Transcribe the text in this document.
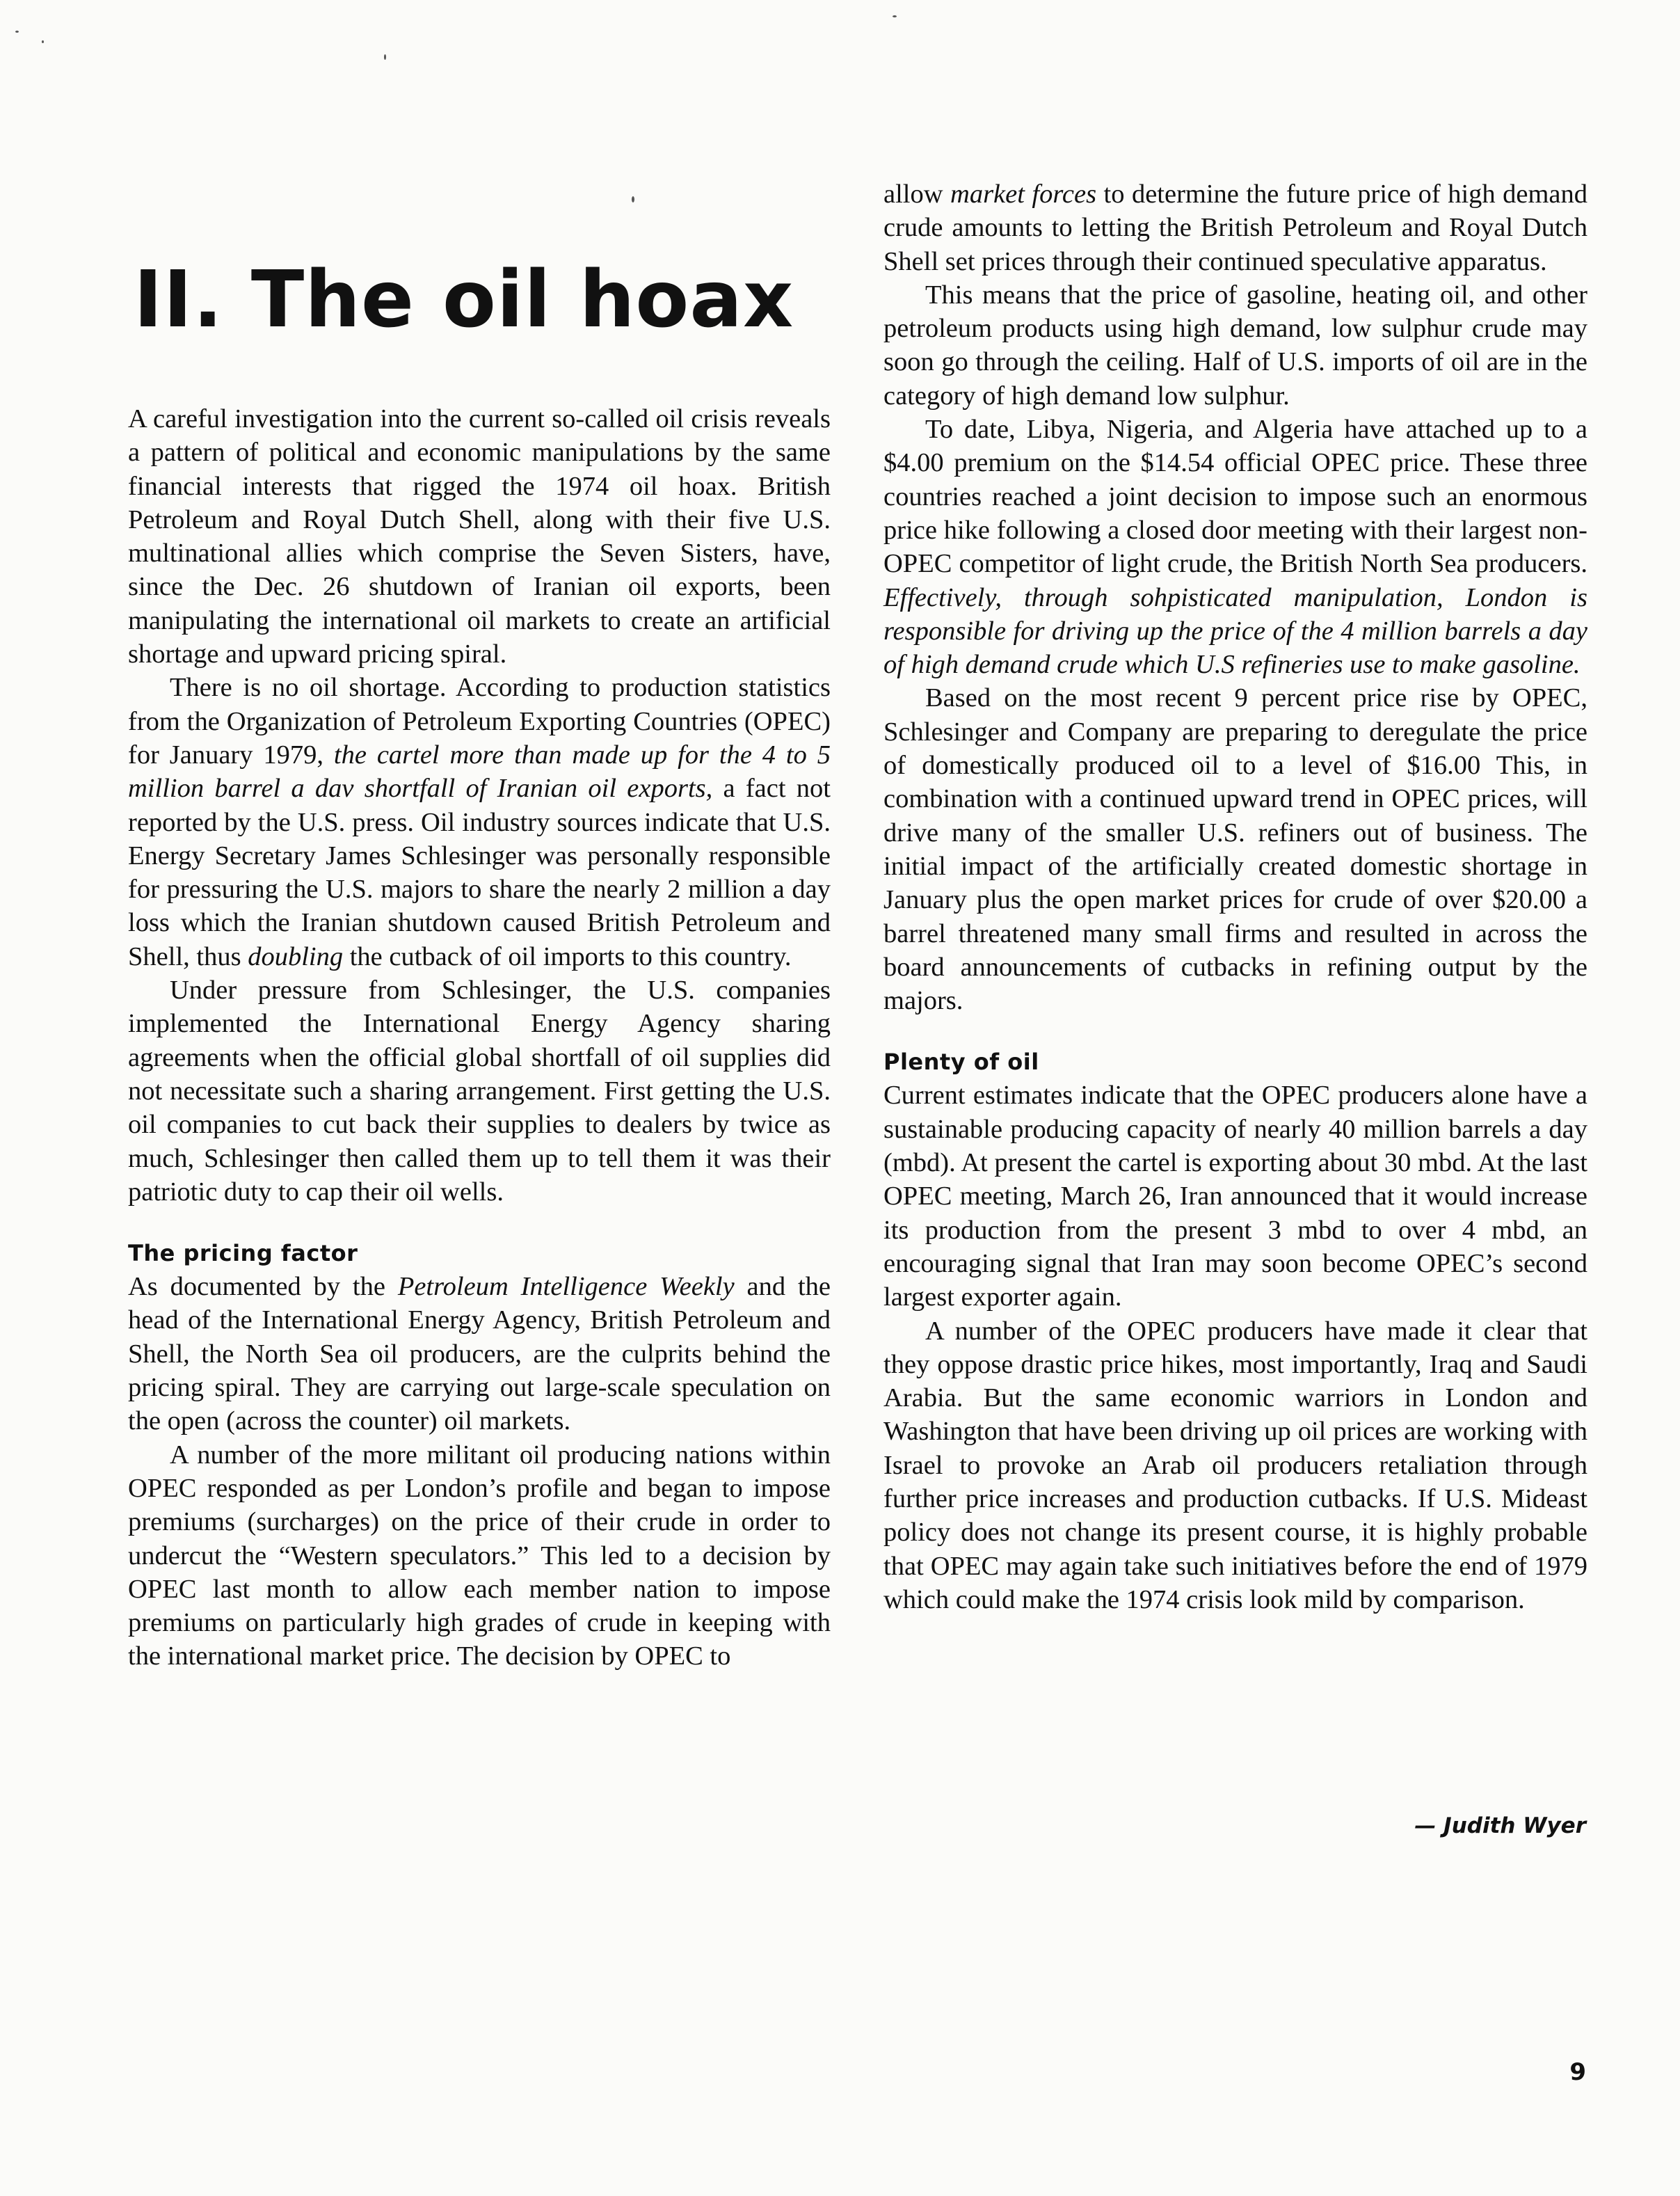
II. The oil hoax

A careful investigation into the current so-called oil crisis reveals a pattern of political and economic manipulations by the same financial interests that rigged the 1974 oil hoax. British Petroleum and Royal Dutch Shell, along with their five U.S. multinational allies which comprise the Seven Sisters, have, since the Dec. 26 shutdown of Iranian oil exports, been manipulating the international oil markets to create an artificial shortage and upward pricing spiral.

There is no oil shortage. According to production statistics from the Organization of Petroleum Exporting Countries (OPEC) for January 1979, the cartel more than made up for the 4 to 5 million barrel a dav shortfall of Iranian oil exports, a fact not reported by the U.S. press. Oil industry sources indicate that U.S. Energy Secretary James Schlesinger was personally responsible for pressuring the U.S. majors to share the nearly 2 million a day loss which the Iranian shutdown caused British Petroleum and Shell, thus doubling the cutback of oil imports to this country.

Under pressure from Schlesinger, the U.S. companies implemented the International Energy Agency sharing agreements when the official global shortfall of oil supplies did not necessitate such a sharing arrangement. First getting the U.S. oil companies to cut back their supplies to dealers by twice as much, Schlesinger then called them up to tell them it was their patriotic duty to cap their oil wells.

The pricing factor

As documented by the Petroleum Intelligence Weekly and the head of the International Energy Agency, British Petroleum and Shell, the North Sea oil producers, are the culprits behind the pricing spiral. They are carrying out large-scale speculation on the open (across the counter) oil markets.

A number of the more militant oil producing nations within OPEC responded as per London’s profile and began to impose premiums (surcharges) on the price of their crude in order to undercut the “Western speculators.” This led to a decision by OPEC last month to allow each member nation to impose premiums on particularly high grades of crude in keeping with the international market price. The decision by OPEC to

allow market forces to determine the future price of high demand crude amounts to letting the British Petroleum and Royal Dutch Shell set prices through their continued speculative apparatus.

This means that the price of gasoline, heating oil, and other petroleum products using high demand, low sulphur crude may soon go through the ceiling. Half of U.S. imports of oil are in the category of high demand low sulphur.

To date, Libya, Nigeria, and Algeria have attached up to a $4.00 premium on the $14.54 official OPEC price. These three countries reached a joint decision to impose such an enormous price hike following a closed door meeting with their largest non-OPEC competitor of light crude, the British North Sea producers. Effectively, through sohpisticated manipulation, London is responsible for driving up the price of the 4 million barrels a day of high demand crude which U.S refineries use to make gasoline.

Based on the most recent 9 percent price rise by OPEC, Schlesinger and Company are preparing to deregulate the price of domestically produced oil to a level of $16.00 This, in combination with a continued upward trend in OPEC prices, will drive many of the smaller U.S. refiners out of business. The initial impact of the artificially created domestic shortage in January plus the open market prices for crude of over $20.00 a barrel threatened many small firms and resulted in across the board announcements of cutbacks in refining output by the majors.

Plenty of oil

Current estimates indicate that the OPEC producers alone have a sustainable producing capacity of nearly 40 million barrels a day (mbd). At present the cartel is exporting about 30 mbd. At the last OPEC meeting, March 26, Iran announced that it would increase its production from the present 3 mbd to over 4 mbd, an encouraging signal that Iran may soon become OPEC’s second largest exporter again.

A number of the OPEC producers have made it clear that they oppose drastic price hikes, most importantly, Iraq and Saudi Arabia. But the same economic warriors in London and Washington that have been driving up oil prices are working with Israel to provoke an Arab oil producers retaliation through further price increases and production cutbacks. If U.S. Mideast policy does not change its present course, it is highly probable that OPEC may again take such initiatives before the end of 1979 which could make the 1974 crisis look mild by comparison.

— Judith Wyer
9
